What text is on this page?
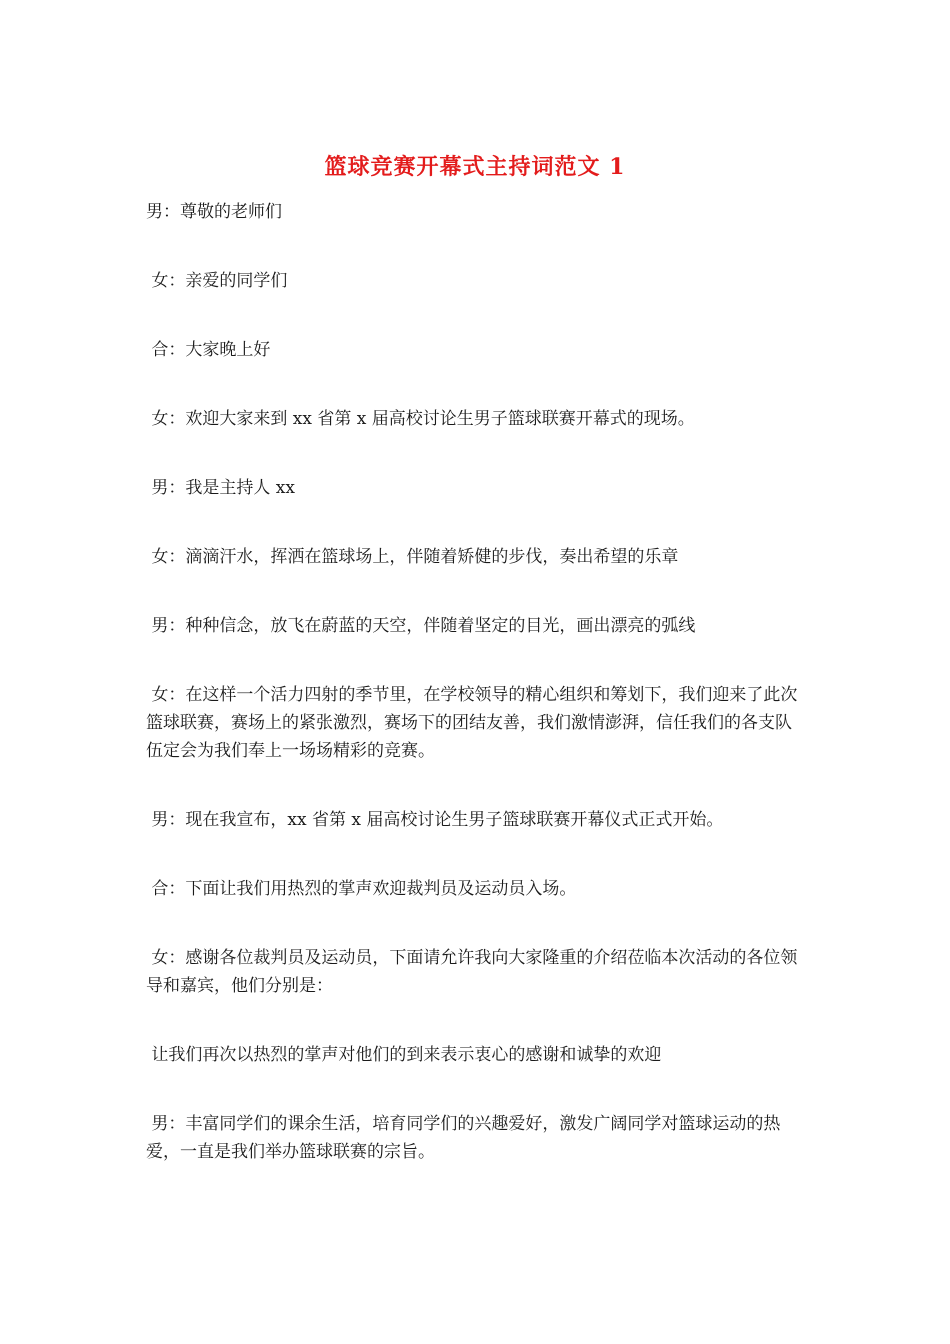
篮球竞赛开幕式主持词范文 1

男：尊敬的老师们

女：亲爱的同学们

合：大家晚上好

女：欢迎大家来到 xx 省第 x 届高校讨论生男子篮球联赛开幕式的现场。

男：我是主持人 xx

女：滴滴汗水，挥洒在篮球场上，伴随着矫健的步伐，奏出希望的乐章

男：种种信念，放飞在蔚蓝的天空，伴随着坚定的目光，画出漂亮的弧线

女：在这样一个活力四射的季节里，在学校领导的精心组织和筹划下，我们迎来了此次篮球联赛，赛场上的紧张激烈，赛场下的团结友善，我们激情澎湃，信任我们的各支队伍定会为我们奉上一场场精彩的竞赛。

男：现在我宣布，xx 省第 x 届高校讨论生男子篮球联赛开幕仪式正式开始。

合：下面让我们用热烈的掌声欢迎裁判员及运动员入场。

女：感谢各位裁判员及运动员，下面请允许我向大家隆重的介绍莅临本次活动的各位领导和嘉宾，他们分别是：

让我们再次以热烈的掌声对他们的到来表示衷心的感谢和诚挚的欢迎

男：丰富同学们的课余生活，培育同学们的兴趣爱好，激发广阔同学对篮球运动的热爱，一直是我们举办篮球联赛的宗旨。
